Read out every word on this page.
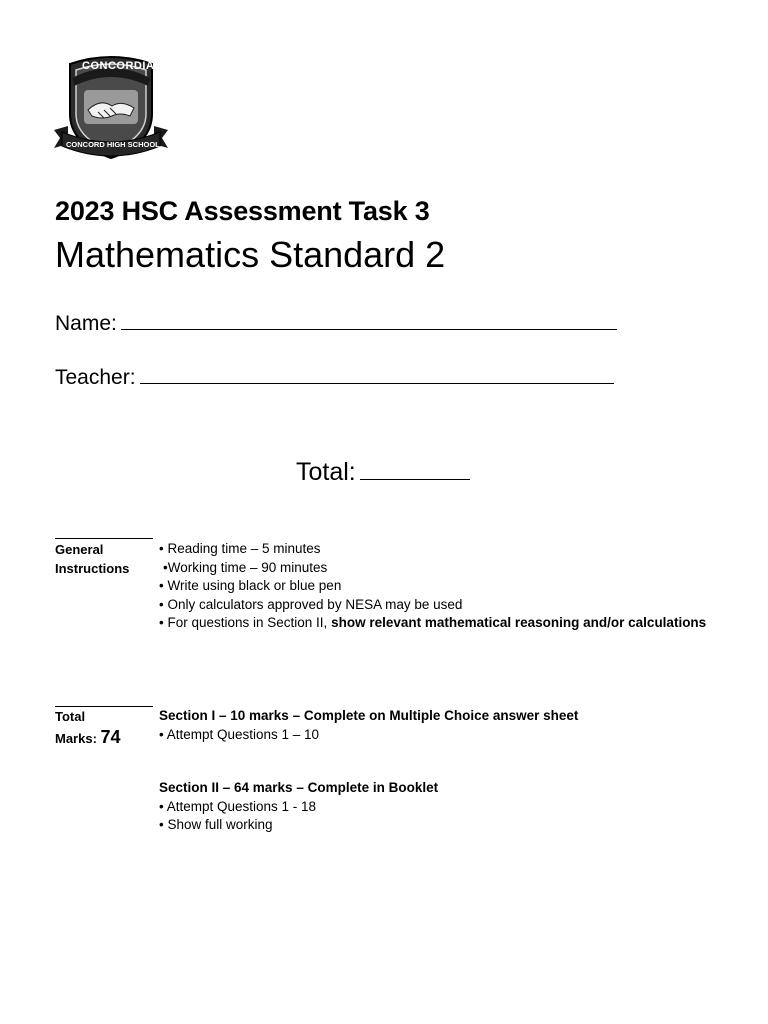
CONCORDIA
CONCORD HIGH SCHOOL
2023 HSC Assessment Task 3
Mathematics Standard 2
Name:
Teacher:
Total:
General
Instructions
• Reading time – 5 minutes
•Working time – 90 minutes
• Write using black or blue pen
• Only calculators approved by NESA may be used
• For questions in Section II, show relevant mathematical reasoning and/or calculations
Total
Marks: 74
Section I – 10 marks – Complete on Multiple Choice answer sheet
• Attempt Questions 1 – 10
Section II – 64 marks – Complete in Booklet
• Attempt Questions 1 - 18
• Show full working
